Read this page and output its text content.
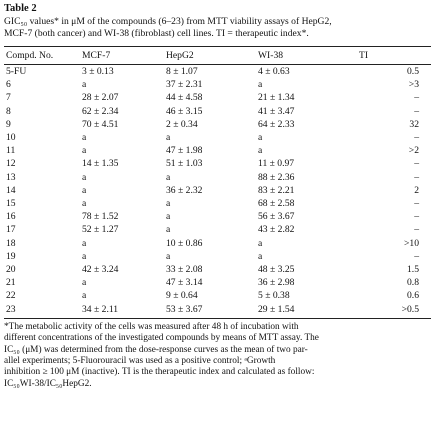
Table 2
GIC₅₀ values* in μM of the compounds (6–23) from MTT viability assays of HepG2,
MCF-7 (both cancer) and WI-38 (fibroblast) cell lines. TI = therapeutic index*.
Compd. No.	MCF-7	HepG2	WI-38	TI
5-FU	3 ± 0.13	8 ± 1.07	4 ± 0.63	0.5
6	a	37 ± 2.31	a	>3
7	28 ± 2.07	44 ± 4.58	21 ± 1.34	–
8	62 ± 2.34	46 ± 3.15	41 ± 3.47	–
9	70 ± 4.51	2 ± 0.34	64 ± 2.33	32
10	a	a	a	–
11	a	47 ± 1.98	a	>2
12	14 ± 1.35	51 ± 1.03	11 ± 0.97	–
13	a	a	88 ± 2.36	–
14	a	36 ± 2.32	83 ± 2.21	2
15	a	a	68 ± 2.58	–
16	78 ± 1.52	a	56 ± 3.67	–
17	52 ± 1.27	a	43 ± 2.82	–
18	a	10 ± 0.86	a	>10
19	a	a	a	–
20	42 ± 3.24	33 ± 2.08	48 ± 3.25	1.5
21	a	47 ± 3.14	36 ± 2.98	0.8
22	a	9 ± 0.64	5 ± 0.38	0.6
23	34 ± 2.11	53 ± 3.67	29 ± 1.54	>0.5
*The metabolic activity of the cells was measured after 48 h of incubation with
different concentrations of the investigated compounds by means of MTT assay. The
IC₅₀ (μM) was determined from the dose-response curves as the mean of two par-
allel experiments; 5-Fluorouracil was used as a positive control; ᵃGrowth
inhibition ≥ 100 μM (inactive). TI is the therapeutic index and calculated as follow:
IC₅₀WI-38/IC₅₀HepG2.
